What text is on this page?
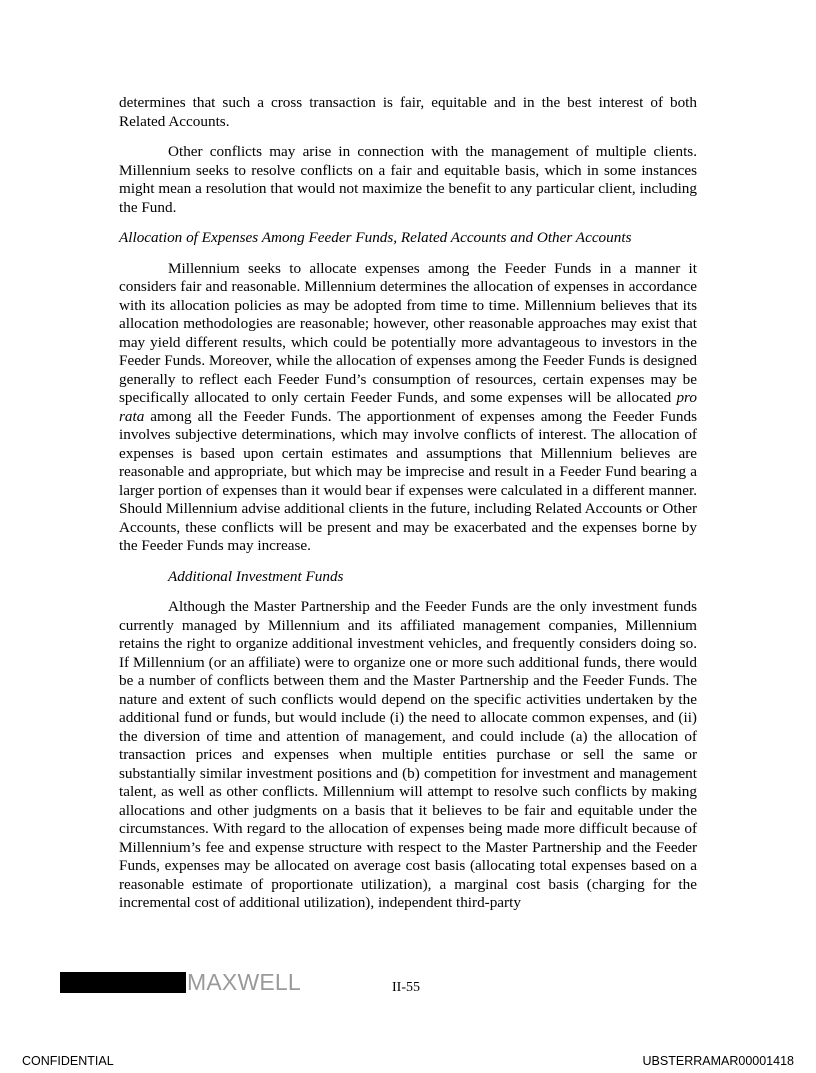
determines that such a cross transaction is fair, equitable and in the best interest of both Related Accounts.

Other conflicts may arise in connection with the management of multiple clients. Millennium seeks to resolve conflicts on a fair and equitable basis, which in some instances might mean a resolution that would not maximize the benefit to any particular client, including the Fund.

Allocation of Expenses Among Feeder Funds, Related Accounts and Other Accounts

Millennium seeks to allocate expenses among the Feeder Funds in a manner it considers fair and reasonable. Millennium determines the allocation of expenses in accordance with its allocation policies as may be adopted from time to time. Millennium believes that its allocation methodologies are reasonable; however, other reasonable approaches may exist that may yield different results, which could be potentially more advantageous to investors in the Feeder Funds. Moreover, while the allocation of expenses among the Feeder Funds is designed generally to reflect each Feeder Fund’s consumption of resources, certain expenses may be specifically allocated to only certain Feeder Funds, and some expenses will be allocated pro rata among all the Feeder Funds. The apportionment of expenses among the Feeder Funds involves subjective determinations, which may involve conflicts of interest. The allocation of expenses is based upon certain estimates and assumptions that Millennium believes are reasonable and appropriate, but which may be imprecise and result in a Feeder Fund bearing a larger portion of expenses than it would bear if expenses were calculated in a different manner. Should Millennium advise additional clients in the future, including Related Accounts or Other Accounts, these conflicts will be present and may be exacerbated and the expenses borne by the Feeder Funds may increase.

Additional Investment Funds

Although the Master Partnership and the Feeder Funds are the only investment funds currently managed by Millennium and its affiliated management companies, Millennium retains the right to organize additional investment vehicles, and frequently considers doing so. If Millennium (or an affiliate) were to organize one or more such additional funds, there would be a number of conflicts between them and the Master Partnership and the Feeder Funds. The nature and extent of such conflicts would depend on the specific activities undertaken by the additional fund or funds, but would include (i) the need to allocate common expenses, and (ii) the diversion of time and attention of management, and could include (a) the allocation of transaction prices and expenses when multiple entities purchase or sell the same or substantially similar investment positions and (b) competition for investment and management talent, as well as other conflicts. Millennium will attempt to resolve such conflicts by making allocations and other judgments on a basis that it believes to be fair and equitable under the circumstances. With regard to the allocation of expenses being made more difficult because of Millennium’s fee and expense structure with respect to the Master Partnership and the Feeder Funds, expenses may be allocated on average cost basis (allocating total expenses based on a reasonable estimate of proportionate utilization), a marginal cost basis (charging for the incremental cost of additional utilization), independent third-party

MAXWELL	II-55
CONFIDENTIAL	UBSTERRAMAR00001418
